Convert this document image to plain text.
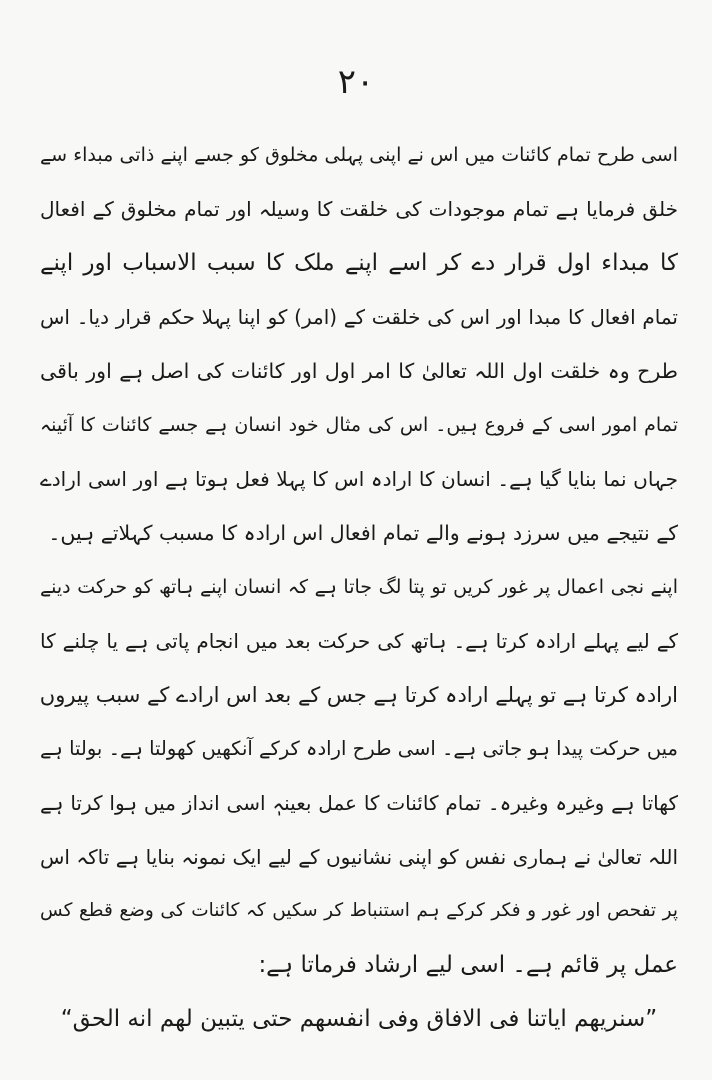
۲۰
اسی طرح تمام کائنات میں اس نے اپنی پہلی مخلوق کو جسے اپنے ذاتی مبداء سے
خلق فرمایا ہے تمام موجودات کی خلقت کا وسیلہ اور تمام مخلوق کے افعال
کا مبداء اول قرار دے کر اسے اپنے ملک کا سبب الاسباب اور اپنے
تمام افعال کا مبدا اور اس کی خلقت کے (امر) کو اپنا پہلا حکم قرار دیا۔ اس
طرح وہ خلقت اول اللہ تعالیٰ کا امر اول اور کائنات کی اصل ہے اور باقی
تمام امور اسی کے فروع ہیں۔ اس کی مثال خود انسان ہے جسے کائنات کا آئینہ
جہاں نما بنایا گیا ہے۔ انسان کا ارادہ اس کا پہلا فعل ہوتا ہے اور اسی ارادے
کے نتیجے میں سرزد ہونے والے تمام افعال اس ارادہ کا مسبب کہلاتے ہیں۔
اپنے نجی اعمال پر غور کریں تو پتا لگ جاتا ہے کہ انسان اپنے ہاتھ کو حرکت دینے
کے لیے پہلے ارادہ کرتا ہے۔ ہاتھ کی حرکت بعد میں انجام پاتی ہے یا چلنے کا
ارادہ کرتا ہے تو پہلے ارادہ کرتا ہے جس کے بعد اس ارادے کے سبب پیروں
میں حرکت پیدا ہو جاتی ہے۔ اسی طرح ارادہ کرکے آنکھیں کھولتا ہے۔ بولتا ہے
کھاتا ہے وغیرہ وغیرہ۔ تمام کائنات کا عمل بعینہٖ اسی انداز میں ہوا کرتا ہے
اللہ تعالیٰ نے ہماری نفس کو اپنی نشانیوں کے لیے ایک نمونہ بنایا ہے تاکہ اس
پر تفحص اور غور و فکر کرکے ہم استنباط کر سکیں کہ کائنات کی وضع قطع کس
عمل پر قائم ہے۔ اسی لیے ارشاد فرماتا ہے:
”سنریھم ایاتنا فی الافاق وفی انفسھم حتی یتبین لھم انه الحق“
